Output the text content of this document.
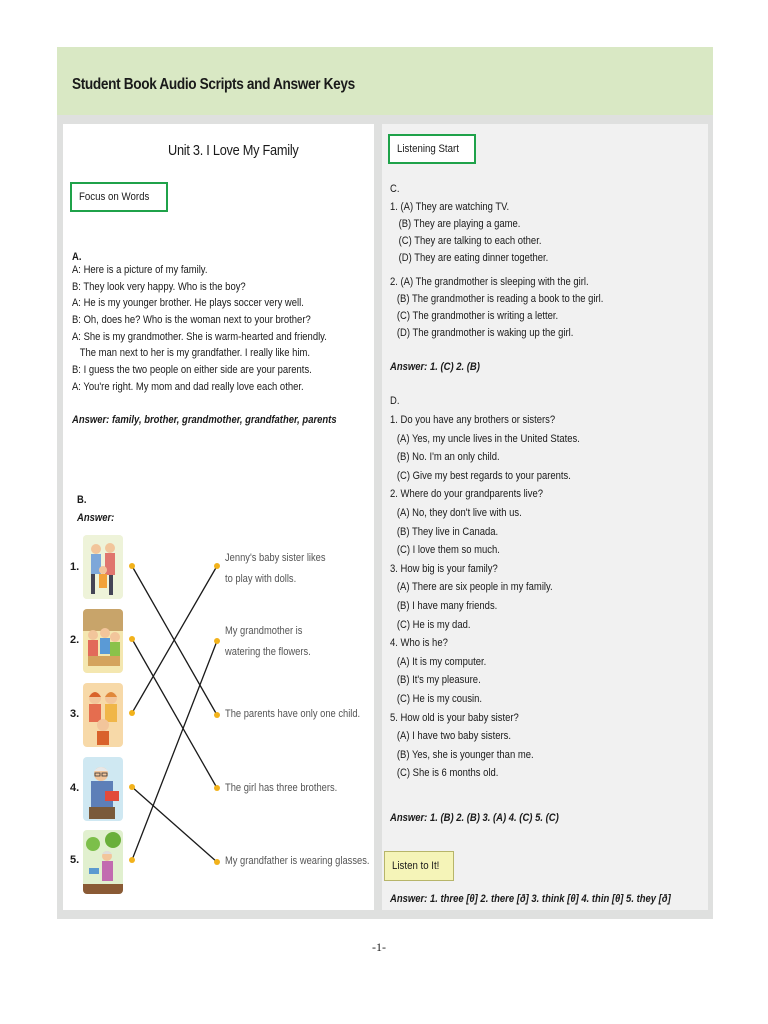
Student Book Audio Scripts and Answer Keys
Unit 3. I Love My Family
Focus on Words
A.
A: Here is a picture of my family.
B: They look very happy. Who is the boy?
A: He is my younger brother. He plays soccer very well.
B: Oh, does he? Who is the woman next to your brother?
A: She is my grandmother. She is warm-hearted and friendly.
The man next to her is my grandfather. I really like him.
B: I guess the two people on either side are your parents.
A: You're right. My mom and dad really love each other.
Answer: family, brother, grandmother, grandfather, parents
B.
Answer:
1.
2.
3.
4.
5.
Jenny's baby sister likes to play with dolls.
My grandmother is watering the flowers.
The parents have only one child.
The girl has three brothers.
My grandfather is wearing glasses.
Listening Start
C.
1. (A) They are watching TV.
(B) They are playing a game.
(C) They are talking to each other.
(D) They are eating dinner together.
2. (A) The grandmother is sleeping with the girl.
(B) The grandmother is reading a book to the girl.
(C) The grandmother is writing a letter.
(D) The grandmother is waking up the girl.
Answer: 1. (C) 2. (B)
D.
1. Do you have any brothers or sisters?
(A) Yes, my uncle lives in the United States.
(B) No. I'm an only child.
(C) Give my best regards to your parents.
2. Where do your grandparents live?
(A) No, they don't live with us.
(B) They live in Canada.
(C) I love them so much.
3. How big is your family?
(A) There are six people in my family.
(B) I have many friends.
(C) He is my dad.
4. Who is he?
(A) It is my computer.
(B) It's my pleasure.
(C) He is my cousin.
5. How old is your baby sister?
(A) I have two baby sisters.
(B) Yes, she is younger than me.
(C) She is 6 months old.
Answer: 1. (B) 2. (B) 3. (A) 4. (C) 5. (C)
Listen to It!
Answer: 1. three [θ] 2. there [ð] 3. think [θ] 4. thin [θ] 5. they [ð]
-1-
